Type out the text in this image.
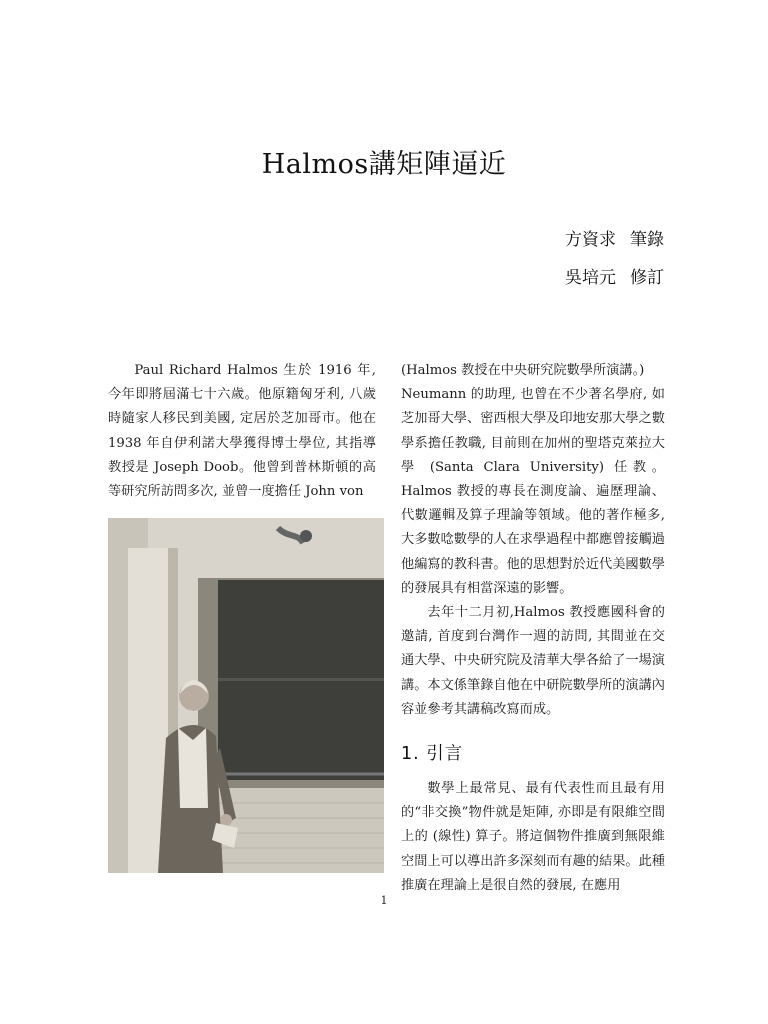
Halmos講矩陣逼近
方資求 筆錄
吳培元 修訂

Paul Richard Halmos 生於 1916 年, 今年即將屆滿七十六歲。他原籍匈牙利, 八歲時隨家人移民到美國, 定居於芝加哥市。他在 1938 年自伊利諾大學獲得博士學位, 其指導教授是 Joseph Doob。他曾到普林斯頓的高等研究所訪問多次, 並曾一度擔任 John von

(Halmos 教授在中央研究院數學所演講。)

Neumann 的助理, 也曾在不少著名學府, 如芝加哥大學、密西根大學及印地安那大學之數學系擔任教職, 目前則在加州的聖塔克萊拉大學 (Santa Clara University) 任教。Halmos 教授的專長在測度論、遍歷理論、代數邏輯及算子理論等領域。他的著作極多, 大多數唸數學的人在求學過程中都應曾接觸過他編寫的教科書。他的思想對於近代美國數學的發展具有相當深遠的影響。

去年十二月初,Halmos 教授應國科會的邀請, 首度到台灣作一週的訪問, 其間並在交通大學、中央研究院及清華大學各給了一場演講。本文係筆錄自他在中研院數學所的演講內容並參考其講稿改寫而成。

1. 引言

數學上最常見、最有代表性而且最有用的“非交換”物件就是矩陣, 亦即是有限維空間上的 (線性) 算子。將這個物件推廣到無限維空間上可以導出許多深刻而有趣的結果。此種推廣在理論上是很自然的發展, 在應用

1
